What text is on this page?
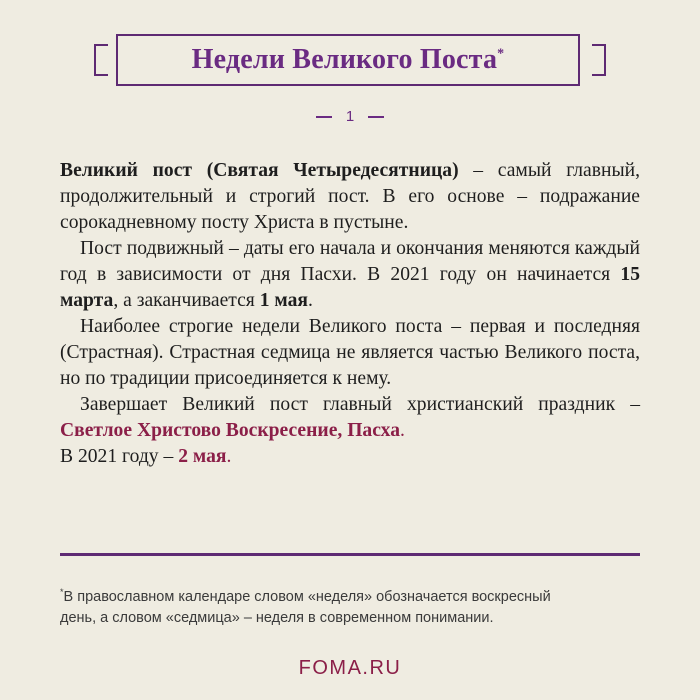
Недели Великого Поста*
1

Великий пост (Святая Четыредесятница) – самый главный, продолжительный и строгий пост. В его основе – подражание сорокадневному посту Христа в пустыне.

Пост подвижный – даты его начала и окончания меняются каждый год в зависимости от дня Пасхи. В 2021 году он начинается 15 марта, а заканчивается 1 мая.

Наиболее строгие недели Великого поста – первая и последняя (Страстная). Страстная седмица не является частью Великого поста, но по традиции присоединяется к нему.

Завершает Великий пост главный христианский праздник – Светлое Христово Воскресение, Пасха.

В 2021 году – 2 мая.

*В православном календаре словом «неделя» обозначается воскресный день, а словом «седмица» – неделя в современном понимании.
FOMA.RU
